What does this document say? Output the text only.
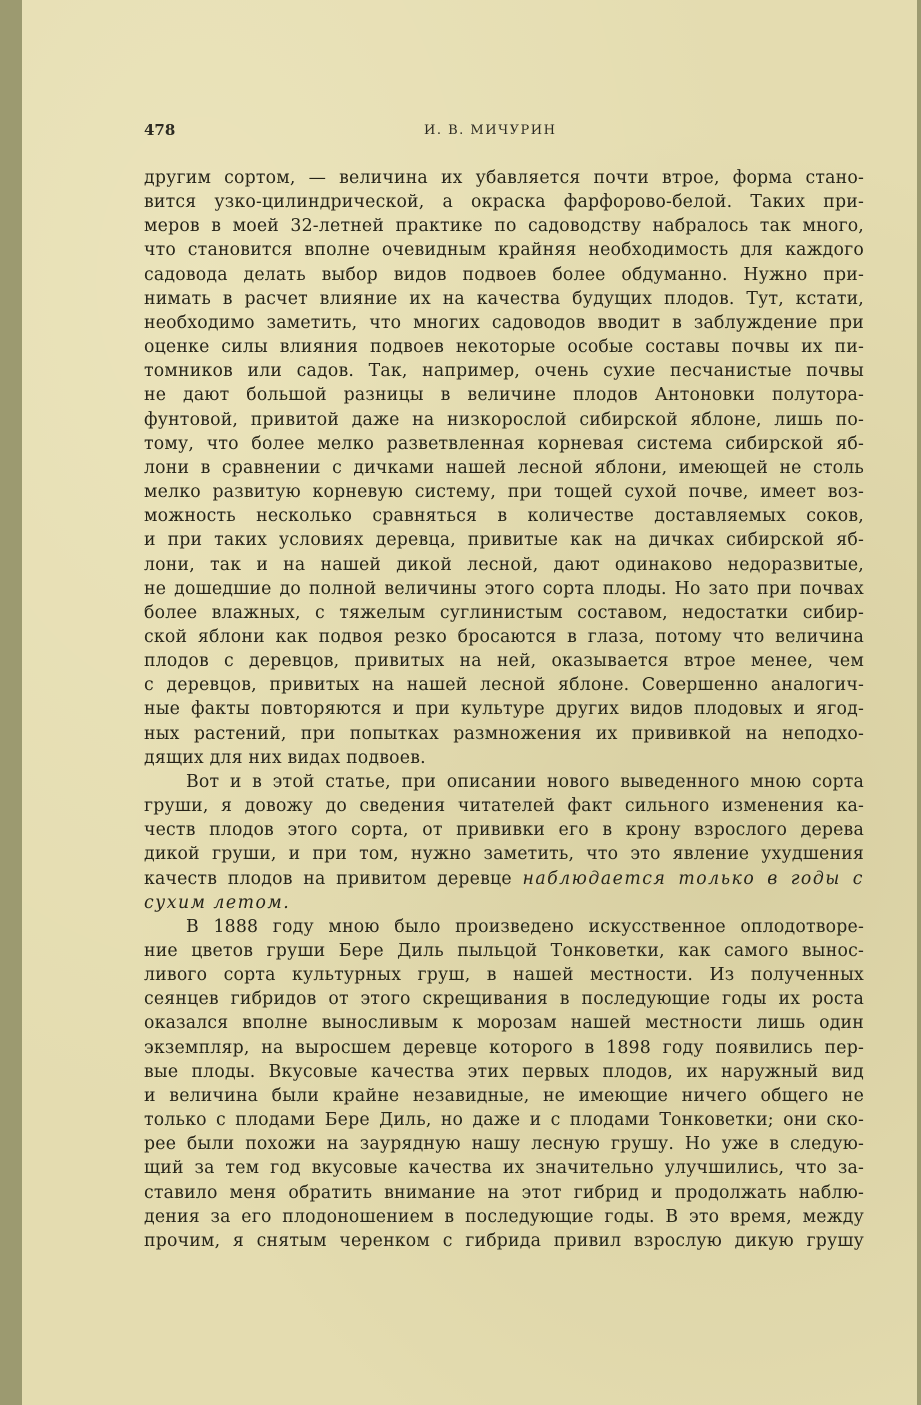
478	И. В. МИЧУРИН
другим сортом, — величина их убавляется почти втрое, форма стано-
вится узко-цилиндрической, а окраска фарфорово-белой. Таких при-
меров в моей 32-летней практике по садоводству набралось так много,
что становится вполне очевидным крайняя необходимость для каждого
садовода делать выбор видов подвоев более обдуманно. Нужно при-
нимать в расчет влияние их на качества будущих плодов. Тут, кстати,
необходимо заметить, что многих садоводов вводит в заблуждение при
оценке силы влияния подвоев некоторые особые составы почвы их пи-
томников или садов. Так, например, очень сухие песчанистые почвы
не дают большой разницы в величине плодов Антоновки полутора-
фунтовой, привитой даже на низкорослой сибирской яблоне, лишь по-
тому, что более мелко разветвленная корневая система сибирской яб-
лони в сравнении с дичками нашей лесной яблони, имеющей не столь
мелко развитую корневую систему, при тощей сухой почве, имеет воз-
можность несколько сравняться в количестве доставляемых соков,
и при таких условиях деревца, привитые как на дичках сибирской яб-
лони, так и на нашей дикой лесной, дают одинаково недоразвитые,
не дошедшие до полной величины этого сорта плоды. Но зато при почвах
более влажных, с тяжелым суглинистым составом, недостатки сибир-
ской яблони как подвоя резко бросаются в глаза, потому что величина
плодов с деревцов, привитых на ней, оказывается втрое менее, чем
с деревцов, привитых на нашей лесной яблоне. Совершенно аналогич-
ные факты повторяются и при культуре других видов плодовых и ягод-
ных растений, при попытках размножения их прививкой на неподхо-
дящих для них видах подвоев.
Вот и в этой статье, при описании нового выведенного мною сорта
груши, я довожу до сведения читателей факт сильного изменения ка-
честв плодов этого сорта, от прививки его в крону взрослого дерева
дикой груши, и при том, нужно заметить, что это явление ухудшения
качеств плодов на привитом деревце наблюдается только в годы с
сухим летом.
В 1888 году мною было произведено искусственное оплодотворе-
ние цветов груши Бере Диль пыльцой Тонковетки, как самого вынос-
ливого сорта культурных груш, в нашей местности. Из полученных
сеянцев гибридов от этого скрещивания в последующие годы их роста
оказался вполне выносливым к морозам нашей местности лишь один
экземпляр, на выросшем деревце которого в 1898 году появились пер-
вые плоды. Вкусовые качества этих первых плодов, их наружный вид
и величина были крайне незавидные, не имеющие ничего общего не
только с плодами Бере Диль, но даже и с плодами Тонковетки; они ско-
рее были похожи на заурядную нашу лесную грушу. Но уже в следую-
щий за тем год вкусовые качества их значительно улучшились, что за-
ставило меня обратить внимание на этот гибрид и продолжать наблю-
дения за его плодоношением в последующие годы. В это время, между
прочим, я снятым черенком с гибрида привил взрослую дикую грушу
